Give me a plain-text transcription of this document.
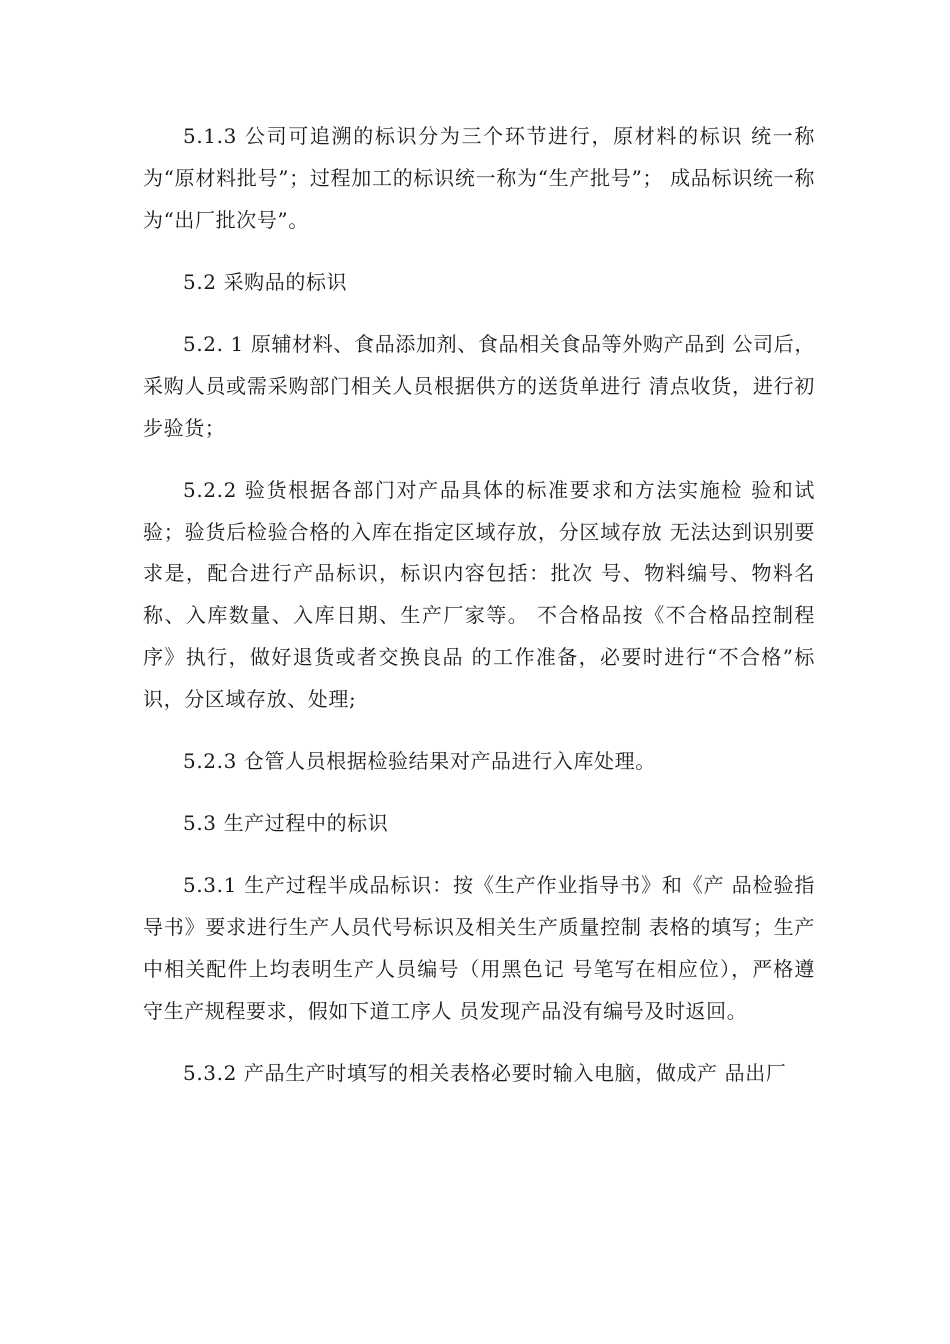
5.1.3 公司可追溯的标识分为三个环节进行，原材料的标识 统一称为“原材料批号”；过程加工的标识统一称为“生产批号”； 成品标识统一称为“出厂批次号”。

5.2 采购品的标识

5.2. 1 原辅材料、食品添加剂、食品相关食品等外购产品到 公司后，采购人员或需采购部门相关人员根据供方的送货单进行 清点收货，进行初步验货；

5.2.2 验货根据各部门对产品具体的标准要求和方法实施检 验和试验；验货后检验合格的入库在指定区域存放，分区域存放 无法达到识别要求是，配合进行产品标识，标识内容包括：批次 号、物料编号、物料名称、入库数量、入库日期、生产厂家等。 不合格品按《不合格品控制程序》执行，做好退货或者交换良品 的工作准备，必要时进行“不合格”标识，分区域存放、处理;

5.2.3 仓管人员根据检验结果对产品进行入库处理。

5.3 生产过程中的标识

5.3.1 生产过程半成品标识：按《生产作业指导书》和《产 品检验指导书》要求进行生产人员代号标识及相关生产质量控制 表格的填写；生产中相关配件上均表明生产人员编号（用黑色记 号笔写在相应位），严格遵守生产规程要求，假如下道工序人 员发现产品没有编号及时返回。

5.3.2 产品生产时填写的相关表格必要时输入电脑，做成产 品出厂
